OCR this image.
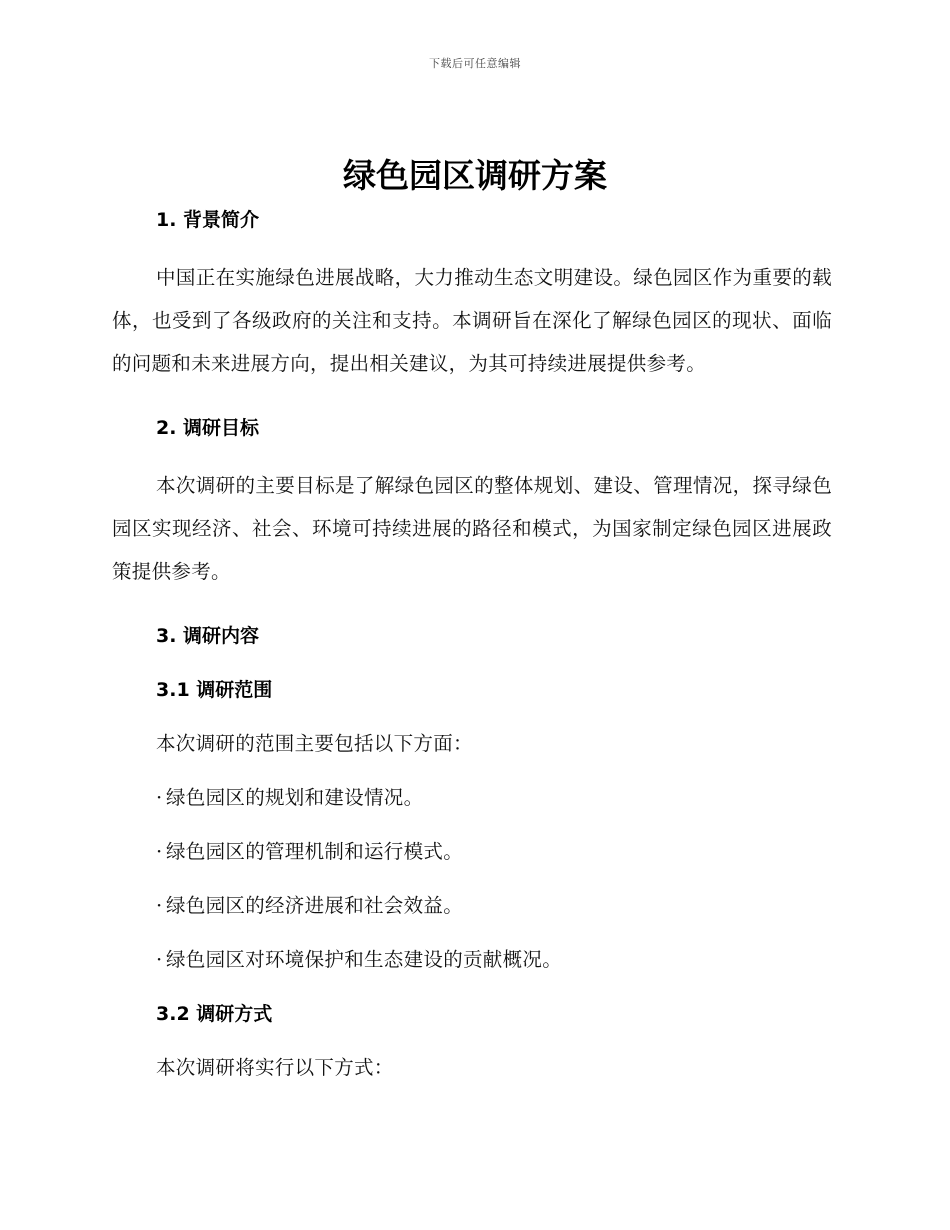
下载后可任意编辑
绿色园区调研方案
1. 背景简介

中国正在实施绿色进展战略，大力推动生态文明建设。绿色园区作为重要的载体，也受到了各级政府的关注和支持。本调研旨在深化了解绿色园区的现状、面临的问题和未来进展方向，提出相关建议，为其可持续进展提供参考。

2. 调研目标

本次调研的主要目标是了解绿色园区的整体规划、建设、管理情况，探寻绿色园区实现经济、社会、环境可持续进展的路径和模式，为国家制定绿色园区进展政策提供参考。

3. 调研内容
3.1 调研范围
本次调研的范围主要包括以下方面：
· 绿色园区的规划和建设情况。
· 绿色园区的管理机制和运行模式。
· 绿色园区的经济进展和社会效益。
· 绿色园区对环境保护和生态建设的贡献概况。
3.2 调研方式
本次调研将实行以下方式：
